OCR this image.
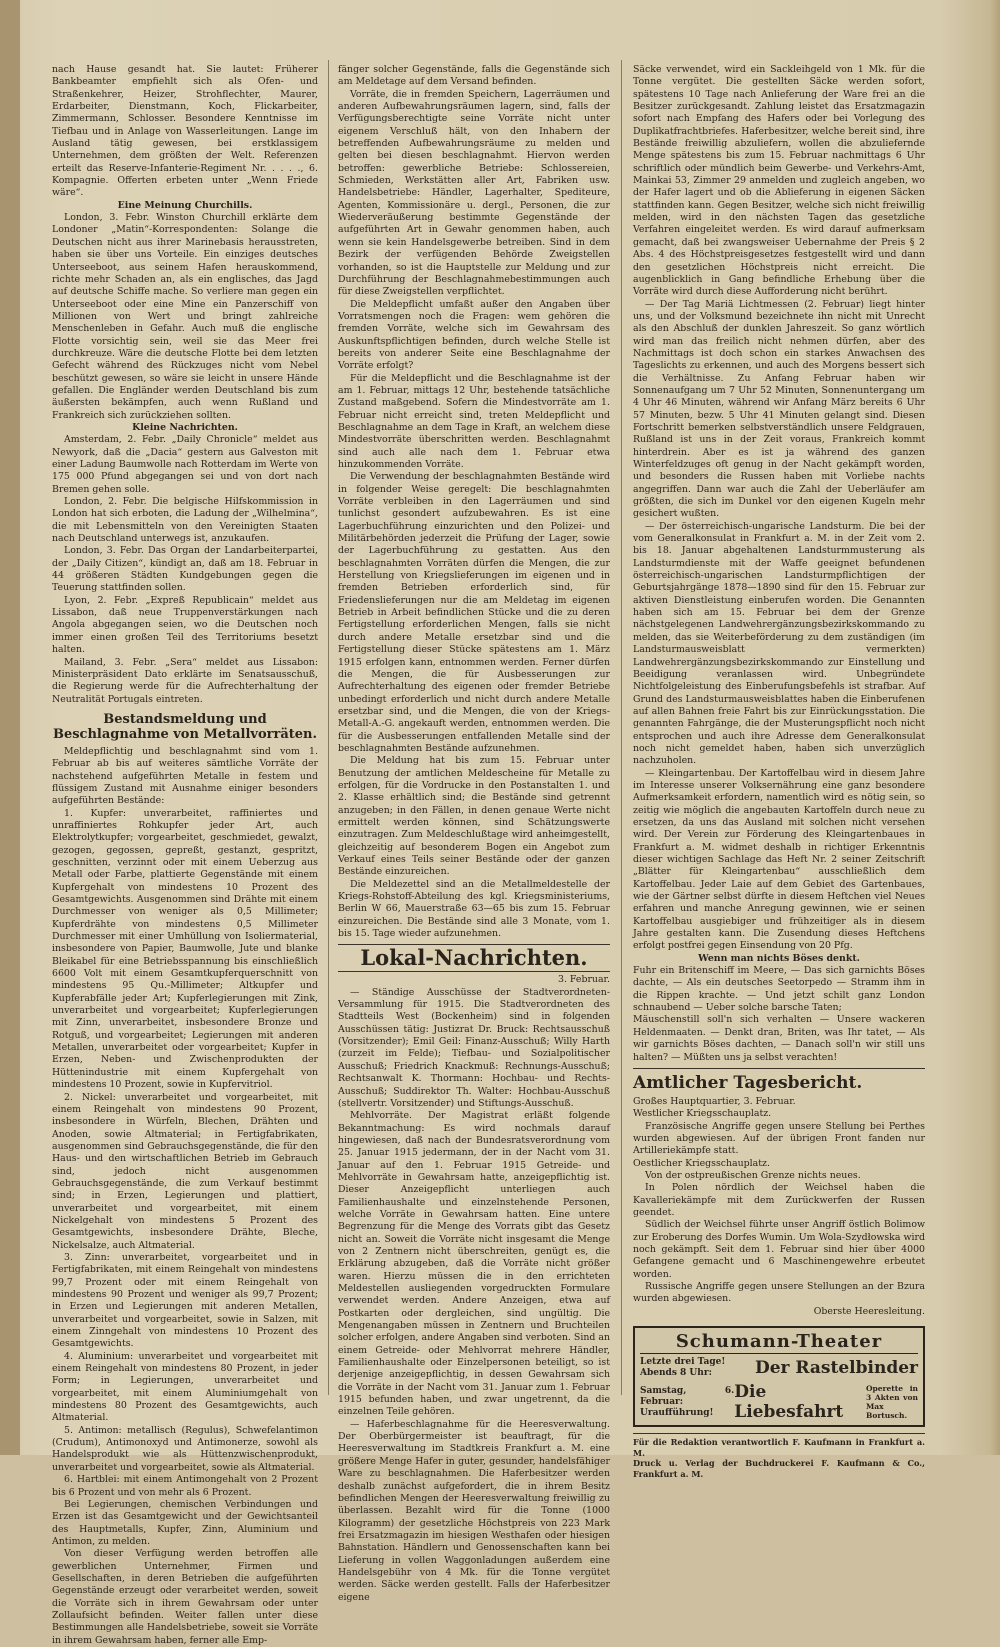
nach Hause gesandt hat. Sie lautet: Früherer Bankbeamter empfiehlt sich als Ofen- und Straßenkehrer, Heizer, Strohflechter, Maurer, Erdarbeiter, Dienstmann, Koch, Flickarbeiter, Zimmermann, Schlosser. Besondere Kenntnisse im Tiefbau und in Anlage von Wasserleitungen. Lange im Ausland tätig gewesen, bei erstklassigem Unternehmen, dem größten der Welt. Referenzen erteilt das Reserve-Infanterie-Regiment Nr. . . . ., 6. Kompagnie. Offerten erbeten unter „Wenn Friede wäre“.

Eine Meinung Churchills.

London, 3. Febr. Winston Churchill erklärte dem Londoner „Matin“-Korrespondenten: Solange die Deutschen nicht aus ihrer Marinebasis herausstreten, haben sie über uns Vorteile. Ein einziges deutsches Unterseeboot, aus seinem Hafen herauskommend, richte mehr Schaden an, als ein englisches, das Jagd auf deutsche Schiffe mache. So verliere man gegen ein Unterseeboot oder eine Mine ein Panzerschiff von Millionen von Wert und bringt zahlreiche Menschenleben in Gefahr. Auch muß die englische Flotte vorsichtig sein, weil sie das Meer frei durchkreuze. Wäre die deutsche Flotte bei dem letzten Gefecht während des Rückzuges nicht vom Nebel beschützt gewesen, so wäre sie leicht in unsere Hände gefallen. Die Engländer werden Deutschland bis zum äußersten bekämpfen, auch wenn Rußland und Frankreich sich zurückziehen sollten.

Kleine Nachrichten.

Amsterdam, 2. Febr. „Daily Chronicle“ meldet aus Newyork, daß die „Dacia“ gestern aus Galveston mit einer Ladung Baumwolle nach Rotterdam im Werte von 175 000 Pfund abgegangen sei und von dort nach Bremen gehen solle.

London, 2. Febr. Die belgische Hilfskommission in London hat sich erboten, die Ladung der „Wilhelmina“, die mit Lebensmitteln von den Vereinigten Staaten nach Deutschland unterwegs ist, anzukaufen.

London, 3. Febr. Das Organ der Landarbeiterpartei, der „Daily Citizen“, kündigt an, daß am 18. Februar in 44 größeren Städten Kundgebungen gegen die Teuerung stattfinden sollen.

Lyon, 2. Febr. „Expreß Republicain“ meldet aus Lissabon, daß neue Truppenverstärkungen nach Angola abgegangen seien, wo die Deutschen noch immer einen großen Teil des Territoriums besetzt halten.

Mailand, 3. Febr. „Sera“ meldet aus Lissabon: Ministerpräsident Dato erklärte im Senatsausschuß, die Regierung werde für die Aufrechterhaltung der Neutralität Portugals eintreten.

Bestandsmeldung und Beschlagnahme von Metallvorräten.

Meldepflichtig und beschlagnahmt sind vom 1. Februar ab bis auf weiteres sämtliche Vorräte der nachstehend aufgeführten Metalle in festem und flüssigem Zustand mit Ausnahme einiger besonders aufgeführten Bestände:

1. Kupfer: unverarbeitet, raffiniertes und unraffiniertes Rohkupfer jeder Art, auch Elektrolytkupfer; vorgearbeitet, geschmiedet, gewalzt, gezogen, gegossen, gepreßt, gestanzt, gespritzt, geschnitten, verzinnt oder mit einem Ueberzug aus Metall oder Farbe, plattierte Gegenstände mit einem Kupfergehalt von mindestens 10 Prozent des Gesamtgewichts. Ausgenommen sind Drähte mit einem Durchmesser von weniger als 0,5 Millimeter; Kupferdrähte von mindestens 0,5 Millimeter Durchmesser mit einer Umhüllung von Isoliermaterial, insbesondere von Papier, Baumwolle, Jute und blanke Bleikabel für eine Betriebsspannung bis einschließlich 6600 Volt mit einem Gesamtkupferquerschnitt von mindestens 95 Qu.-Millimeter; Altkupfer und Kupferabfälle jeder Art; Kupferlegierungen mit Zink, unverarbeitet und vorgearbeitet; Kupferlegierungen mit Zinn, unverarbeitet, insbesondere Bronze und Rotguß, und vorgearbeitet; Legierungen mit anderen Metallen, unverarbeitet oder vorgearbeitet; Kupfer in Erzen, Neben- und Zwischenprodukten der Hüttenindustrie mit einem Kupfergehalt von mindestens 10 Prozent, sowie in Kupfervitriol.

2. Nickel: unverarbeitet und vorgearbeitet, mit einem Reingehalt von mindestens 90 Prozent, insbesondere in Würfeln, Blechen, Drähten und Anoden, sowie Altmaterial; in Fertigfabrikaten, ausgenommen sind Gebrauchsgegenstände, die für den Haus- und den wirtschaftlichen Betrieb im Gebrauch sind, jedoch nicht ausgenommen Gebrauchsgegenstände, die zum Verkauf bestimmt sind; in Erzen, Legierungen und plattiert, unverarbeitet und vorgearbeitet, mit einem Nickelgehalt von mindestens 5 Prozent des Gesamtgewichts, insbesondere Drähte, Bleche, Nickelsalze, auch Altmaterial.

3. Zinn: unverarbeitet, vorgearbeitet und in Fertigfabrikaten, mit einem Reingehalt von mindestens 99,7 Prozent oder mit einem Reingehalt von mindestens 90 Prozent und weniger als 99,7 Prozent; in Erzen und Legierungen mit anderen Metallen, unverarbeitet und vorgearbeitet, sowie in Salzen, mit einem Zinngehalt von mindestens 10 Prozent des Gesamtgewichts.

4. Aluminium: unverarbeitet und vorgearbeitet mit einem Reingehalt von mindestens 80 Prozent, in jeder Form; in Legierungen, unverarbeitet und vorgearbeitet, mit einem Aluminiumgehalt von mindestens 80 Prozent des Gesamtgewichts, auch Altmaterial.

5. Antimon: metallisch (Regulus), Schwefelantimon (Crudum), Antimonoxyd und Antimonerze, sowohl als Handelsprodukt wie als Hüttenzwischenprodukt, unverarbeitet und vorgearbeitet, sowie als Altmaterial.

6. Hartblei: mit einem Antimongehalt von 2 Prozent bis 6 Prozent und von mehr als 6 Prozent.

Bei Legierungen, chemischen Verbindungen und Erzen ist das Gesamtgewicht und der Gewichtsanteil des Hauptmetalls, Kupfer, Zinn, Aluminium und Antimon, zu melden.

Von dieser Verfügung werden betroffen alle gewerblichen Unternehmer, Firmen und Gesellschaften, in deren Betrieben die aufgeführten Gegenstände erzeugt oder verarbeitet werden, soweit die Vorräte sich in ihrem Gewahrsam oder unter Zollaufsicht befinden. Weiter fallen unter diese Bestimmungen alle Handelsbetriebe, soweit sie Vorräte in ihrem Gewahrsam haben, ferner alle Emp-

fänger solcher Gegenstände, falls die Gegenstände sich am Meldetage auf dem Versand befinden.

Vorräte, die in fremden Speichern, Lagerräumen und anderen Aufbewahrungsräumen lagern, sind, falls der Verfügungsberechtigte seine Vorräte nicht unter eigenem Verschluß hält, von den Inhabern der betreffenden Aufbewahrungsräume zu melden und gelten bei diesen beschlagnahmt. Hiervon werden betroffen: gewerbliche Betriebe: Schlossereien, Schmieden, Werkstätten aller Art, Fabriken usw. Handelsbetriebe: Händler, Lagerhalter, Spediteure, Agenten, Kommissionäre u. dergl., Personen, die zur Wiederveräußerung bestimmte Gegenstände der aufgeführten Art in Gewahr genommen haben, auch wenn sie kein Handelsgewerbe betreiben. Sind in dem Bezirk der verfügenden Behörde Zweigstellen vorhanden, so ist die Hauptstelle zur Meldung und zur Durchführung der Beschlagnahmebestimmungen auch für diese Zweigstellen verpflichtet.

Die Meldepflicht umfaßt außer den Angaben über Vorratsmengen noch die Fragen: wem gehören die fremden Vorräte, welche sich im Gewahrsam des Auskunftspflichtigen befinden, durch welche Stelle ist bereits von anderer Seite eine Beschlagnahme der Vorräte erfolgt?

Für die Meldepflicht und die Beschlagnahme ist der am 1. Februar, mittags 12 Uhr, bestehende tatsächliche Zustand maßgebend. Sofern die Mindestvorräte am 1. Februar nicht erreicht sind, treten Meldepflicht und Beschlagnahme an dem Tage in Kraft, an welchem diese Mindestvorräte überschritten werden. Beschlagnahmt sind auch alle nach dem 1. Februar etwa hinzukommenden Vorräte.

Die Verwendung der beschlagnahmten Bestände wird in folgender Weise geregelt: Die beschlagnahmten Vorräte verbleiben in den Lagerräumen und sind tunlichst gesondert aufzubewahren. Es ist eine Lagerbuchführung einzurichten und den Polizei- und Militärbehörden jederzeit die Prüfung der Lager, sowie der Lagerbuchführung zu gestatten. Aus den beschlagnahmten Vorräten dürfen die Mengen, die zur Herstellung von Kriegslieferungen im eigenen und in fremden Betrieben erforderlich sind, für Friedenslieferungen nur die am Meldetag im eigenen Betrieb in Arbeit befindlichen Stücke und die zu deren Fertigstellung erforderlichen Mengen, falls sie nicht durch andere Metalle ersetzbar sind und die Fertigstellung dieser Stücke spätestens am 1. März 1915 erfolgen kann, entnommen werden. Ferner dürfen die Mengen, die für Ausbesserungen zur Aufrechterhaltung des eigenen oder fremder Betriebe unbedingt erforderlich und nicht durch andere Metalle ersetzbar sind, und die Mengen, die von der Kriegs-Metall-A.-G. angekauft werden, entnommen werden. Die für die Ausbesserungen entfallenden Metalle sind der beschlagnahmten Bestände aufzunehmen.

Die Meldung hat bis zum 15. Februar unter Benutzung der amtlichen Meldescheine für Metalle zu erfolgen, für die Vordrucke in den Postanstalten 1. und 2. Klasse erhältlich sind; die Bestände sind getrennt anzugeben; in den Fällen, in denen genaue Werte nicht ermittelt werden können, sind Schätzungswerte einzutragen. Zum Meldeschlußtage wird anheimgestellt, gleichzeitig auf besonderem Bogen ein Angebot zum Verkauf eines Teils seiner Bestände oder der ganzen Bestände einzureichen.

Die Meldezettel sind an die Metallmeldestelle der Kriegs-Rohstoff-Abteilung des kgl. Kriegsministeriums, Berlin W 66, Mauerstraße 63—65 bis zum 15. Februar einzureichen. Die Bestände sind alle 3 Monate, vom 1. bis 15. Tage wieder aufzunehmen.

Lokal-Nachrichten.

3. Februar.

— Ständige Ausschüsse der Stadtverordneten-Versammlung für 1915. Die Stadtverordneten des Stadtteils West (Bockenheim) sind in folgenden Ausschüssen tätig: Justizrat Dr. Bruck: Rechtsausschuß (Vorsitzender); Emil Geil: Finanz-Ausschuß; Willy Harth (zurzeit im Felde); Tiefbau- und Sozialpolitischer Ausschuß; Friedrich Knackmuß: Rechnungs-Ausschuß; Rechtsanwalt K. Thormann: Hochbau- und Rechts-Ausschuß; Suddirektor Th. Walter: Hochbau-Ausschuß (stellvertr. Vorsitzender) und Stiftungs-Ausschuß.

Mehlvorräte. Der Magistrat erläßt folgende Bekanntmachung: Es wird nochmals darauf hingewiesen, daß nach der Bundesratsverordnung vom 25. Januar 1915 jedermann, der in der Nacht vom 31. Januar auf den 1. Februar 1915 Getreide- und Mehlvorräte in Gewahrsam hatte, anzeigepflichtig ist. Dieser Anzeigepflicht unterliegen auch Familienhaushalte und einzelnstehende Personen, welche Vorräte in Gewahrsam hatten. Eine untere Begrenzung für die Menge des Vorrats gibt das Gesetz nicht an. Soweit die Vorräte nicht insgesamt die Menge von 2 Zentnern nicht überschreiten, genügt es, die Erklärung abzugeben, daß die Vorräte nicht größer waren. Hierzu müssen die in den errichteten Meldestellen ausliegenden vorgedruckten Formulare verwendet werden. Andere Anzeigen, etwa auf Postkarten oder dergleichen, sind ungültig. Die Mengenangaben müssen in Zentnern und Bruchteilen solcher erfolgen, andere Angaben sind verboten. Sind an einem Getreide- oder Mehlvorrat mehrere Händler, Familienhaushalte oder Einzelpersonen beteiligt, so ist derjenige anzeigepflichtig, in dessen Gewahrsam sich die Vorräte in der Nacht vom 31. Januar zum 1. Februar 1915 befunden haben, und zwar ungetrennt, da die einzelnen Teile gehören.

— Haferbeschlagnahme für die Heeresverwaltung. Der Oberbürgermeister ist beauftragt, für die Heeresverwaltung im Stadtkreis Frankfurt a. M. eine größere Menge Hafer in guter, gesunder, handelsfähiger Ware zu beschlagnahmen. Die Haferbesitzer werden deshalb zunächst aufgefordert, die in ihrem Besitz befindlichen Mengen der Heeresverwaltung freiwillig zu überlassen. Bezahlt wird für die Tonne (1000 Kilogramm) der gesetzliche Höchstpreis von 223 Mark frei Ersatzmagazin im hiesigen Westhafen oder hiesigen Bahnstation. Händlern und Genossenschaften kann bei Lieferung in vollen Waggonladungen außerdem eine Handelsgebühr von 4 Mk. für die Tonne vergütet werden. Säcke werden gestellt. Falls der Haferbesitzer eigene

Säcke verwendet, wird ein Sackleihgeld von 1 Mk. für die Tonne vergütet. Die gestellten Säcke werden sofort, spätestens 10 Tage nach Anlieferung der Ware frei an die Besitzer zurückgesandt. Zahlung leistet das Ersatzmagazin sofort nach Empfang des Hafers oder bei Vorlegung des Duplikatfrachtbriefes. Haferbesitzer, welche bereit sind, ihre Bestände freiwillig abzuliefern, wollen die abzuliefernde Menge spätestens bis zum 15. Februar nachmittags 6 Uhr schriftlich oder mündlich beim Gewerbe- und Verkehrs-Amt, Mainkai 53, Zimmer 29 anmelden und zugleich angeben, wo der Hafer lagert und ob die Ablieferung in eigenen Säcken stattfinden kann. Gegen Besitzer, welche sich nicht freiwillig melden, wird in den nächsten Tagen das gesetzliche Verfahren eingeleitet werden. Es wird darauf aufmerksam gemacht, daß bei zwangsweiser Uebernahme der Preis § 2 Abs. 4 des Höchstpreisgesetzes festgestellt wird und dann den gesetzlichen Höchstpreis nicht erreicht. Die augenblicklich in Gang befindliche Erhebung über die Vorräte wird durch diese Aufforderung nicht berührt.

— Der Tag Mariä Lichtmessen (2. Februar) liegt hinter uns, und der Volksmund bezeichnete ihn nicht mit Unrecht als den Abschluß der dunklen Jahreszeit. So ganz wörtlich wird man das freilich nicht nehmen dürfen, aber des Nachmittags ist doch schon ein starkes Anwachsen des Tageslichts zu erkennen, und auch des Morgens bessert sich die Verhältnisse. Zu Anfang Februar haben wir Sonnenaufgang um 7 Uhr 52 Minuten, Sonnenuntergang um 4 Uhr 46 Minuten, während wir Anfang März bereits 6 Uhr 57 Minuten, bezw. 5 Uhr 41 Minuten gelangt sind. Diesen Fortschritt bemerken selbstverständlich unsere Feldgrauen, Rußland ist uns in der Zeit voraus, Frankreich kommt hinterdrein. Aber es ist ja während des ganzen Winterfeldzuges oft genug in der Nacht gekämpft worden, und besonders die Russen haben mit Vorliebe nachts angegriffen. Dann war auch die Zahl der Ueberläufer am größten, die sich im Dunkel vor den eigenen Kugeln mehr gesichert wußten.

— Der österreichisch-ungarische Landsturm. Die bei der vom Generalkonsulat in Frankfurt a. M. in der Zeit vom 2. bis 18. Januar abgehaltenen Landsturmmusterung als Landsturmdienste mit der Waffe geeignet befundenen österreichisch-ungarischen Landsturmpflichtigen der Geburtsjahrgänge 1878—1890 sind für den 15. Februar zur aktiven Dienstleistung einberufen worden. Die Genannten haben sich am 15. Februar bei dem der Grenze nächstgelegenen Landwehrergänzungsbezirkskommando zu melden, das sie Weiterbeförderung zu dem zuständigen (im Landsturmausweisblatt vermerkten) Landwehrergänzungsbezirkskommando zur Einstellung und Beeidigung veranlassen wird. Unbegründete Nichtfolgeleistung des Einberufungsbefehls ist strafbar. Auf Grund des Landsturmausweisblattes haben die Einberufenen auf allen Bahnen freie Fahrt bis zur Einrückungsstation. Die genannten Fahrgänge, die der Musterungspflicht noch nicht entsprochen und auch ihre Adresse dem Generalkonsulat noch nicht gemeldet haben, haben sich unverzüglich nachzuholen.

— Kleingartenbau. Der Kartoffelbau wird in diesem Jahre im Interesse unserer Volksernährung eine ganz besondere Aufmerksamkeit erfordern, namentlich wird es nötig sein, so zeitig wie möglich die angebauten Kartoffeln durch neue zu ersetzen, da uns das Ausland mit solchen nicht versehen wird. Der Verein zur Förderung des Kleingartenbaues in Frankfurt a. M. widmet deshalb in richtiger Erkenntnis dieser wichtigen Sachlage das Heft Nr. 2 seiner Zeitschrift „Blätter für Kleingartenbau“ ausschließlich dem Kartoffelbau. Jeder Laie auf dem Gebiet des Gartenbaues, wie der Gärtner selbst dürfte in diesem Heftchen viel Neues erfahren und manche Anregung gewinnen, wie er seinen Kartoffelbau ausgiebiger und frühzeitiger als in diesem Jahre gestalten kann. Die Zusendung dieses Heftchens erfolgt postfrei gegen Einsendung von 20 Pfg.

Wenn man nichts Böses denkt.

Fuhr ein Britenschiff im Meere, — Das sich garnichts Böses dachte, — Als ein deutsches Seetorpedo — Stramm ihm in die Rippen krachte. — Und jetzt schilt ganz London schnaubend — Ueber solche barsche Taten;

Mäuschenstill soll'n sich verhalten — Unsere wackeren Heldenmaaten. — Denkt dran, Briten, was Ihr tatet, — Als wir garnichts Böses dachten, — Danach soll'n wir still uns halten? — Müßten uns ja selbst verachten!

Amtlicher Tagesbericht.

Großes Hauptquartier, 3. Februar.

Westlicher Kriegsschauplatz.

Französische Angriffe gegen unsere Stellung bei Perthes wurden abgewiesen. Auf der übrigen Front fanden nur Artilleriekämpfe statt.

Oestlicher Kriegsschauplatz.

Von der ostpreußischen Grenze nichts neues.

In Polen nördlich der Weichsel haben die Kavalleriekämpfe mit dem Zurückwerfen der Russen geendet.

Südlich der Weichsel führte unser Angriff östlich Bolimow zur Eroberung des Dorfes Wumin. Um Wola-Szydłowska wird noch gekämpft. Seit dem 1. Februar sind hier über 4000 Gefangene gemacht und 6 Maschinengewehre erbeutet worden.

Russische Angriffe gegen unsere Stellungen an der Bzura wurden abgewiesen.

Oberste Heeresleitung.

Schumann-Theater
Letzte drei Tage!
Abends 8 Uhr:	Der Rastelbinder
Samstag, 6. Februar:
Uraufführung!
Die Liebesfahrt
Operette in 3 Akten von Max Bortusch.

Für die Redaktion verantwortlich F. Kaufmann in Frankfurt a. M.

Druck u. Verlag der Buchdruckerei F. Kaufmann & Co., Frankfurt a. M.
